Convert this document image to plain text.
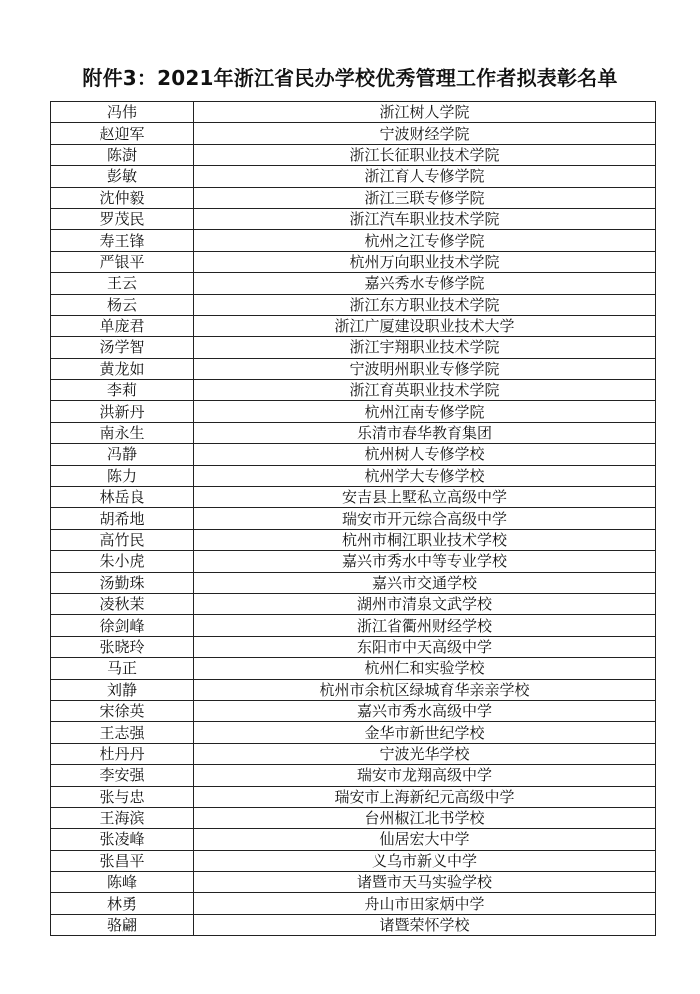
附件3：2021年浙江省民办学校优秀管理工作者拟表彰名单
冯伟	浙江树人学院
赵迎军	宁波财经学院
陈澍	浙江长征职业技术学院
彭敏	浙江育人专修学院
沈仲毅	浙江三联专修学院
罗茂民	浙江汽车职业技术学院
寿王锋	杭州之江专修学院
严银平	杭州万向职业技术学院
王云	嘉兴秀水专修学院
杨云	浙江东方职业技术学院
单庞君	浙江广厦建设职业技术大学
汤学智	浙江宇翔职业技术学院
黄龙如	宁波明州职业专修学院
李莉	浙江育英职业技术学院
洪新丹	杭州江南专修学院
南永生	乐清市春华教育集团
冯静	杭州树人专修学校
陈力	杭州学大专修学校
林岳良	安吉县上墅私立高级中学
胡希地	瑞安市开元综合高级中学
高竹民	杭州市桐江职业技术学校
朱小虎	嘉兴市秀水中等专业学校
汤勤珠	嘉兴市交通学校
凌秋茉	湖州市清泉文武学校
徐剑峰	浙江省衢州财经学校
张晓玲	东阳市中天高级中学
马正	杭州仁和实验学校
刘静	杭州市余杭区绿城育华亲亲学校
宋徐英	嘉兴市秀水高级中学
王志强	金华市新世纪学校
杜丹丹	宁波光华学校
李安强	瑞安市龙翔高级中学
张与忠	瑞安市上海新纪元高级中学
王海滨	台州椒江北书学校
张凌峰	仙居宏大中学
张昌平	义乌市新义中学
陈峰	诸暨市天马实验学校
林勇	舟山市田家炳中学
骆翩	诸暨荣怀学校
